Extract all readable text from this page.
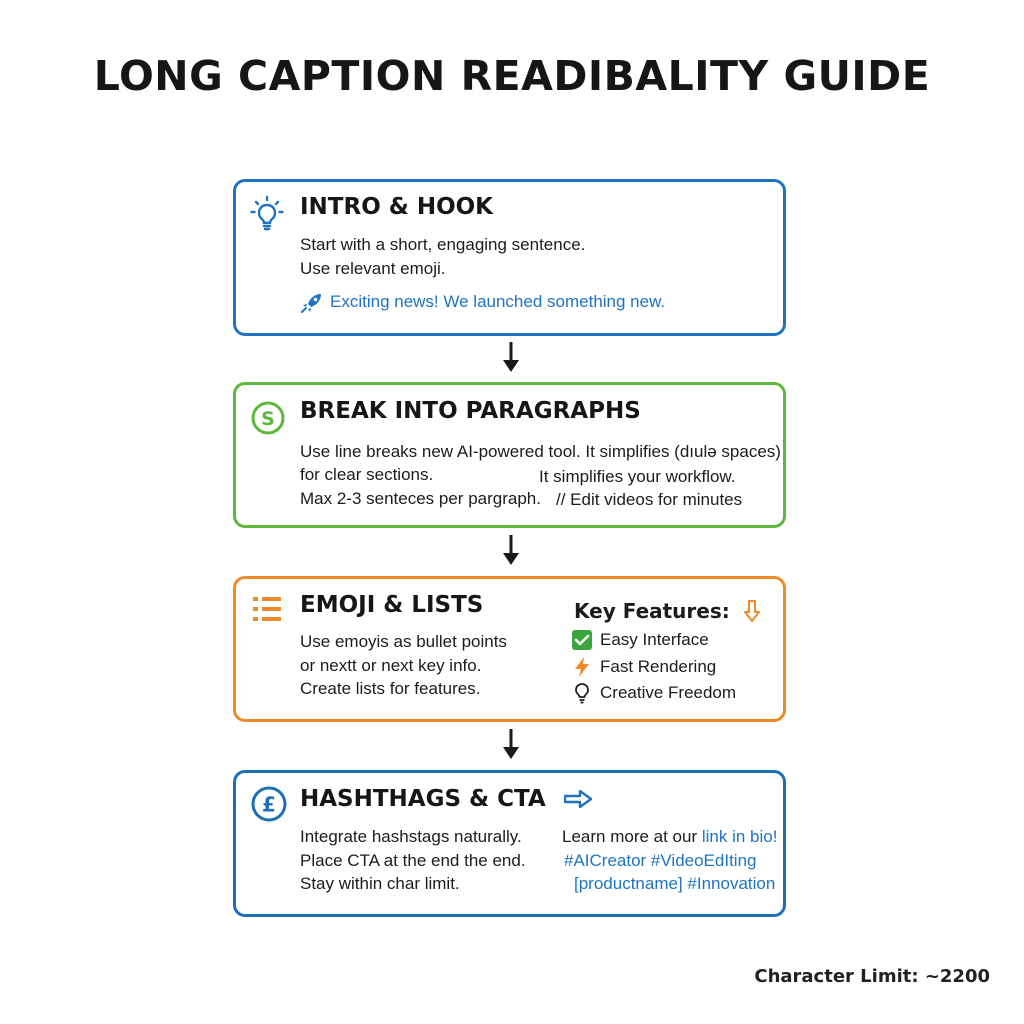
LONG CAPTION READIBALITY GUIDE
INTRO & HOOK
Start with a short, engaging sentence.
Use relevant emoji.
Exciting news! We launched something new.
S BREAK INTO PARAGRAPHS
Use line breaks new AI-powered tool. It simplifies (dıulə spaces)
for clear sections.
Max 2-3 senteces per pargraph.
It simplifies your workflow.
// Edit videos for minutes
EMOJI & LISTS
Use emoyis as bullet points
or nextt or next key info.
Create lists for features.
Key Features:
Easy Interface
Fast Rendering
Creative Freedom
£ HASHTHAGS & CTA
Integrate hashstags naturally.
Place CTA at the end the end.
Stay within char limit.
Learn more at our link in bio!
#AICreator #VideoEdIting
[productname] #Innovation
Character Limit: ~2200
